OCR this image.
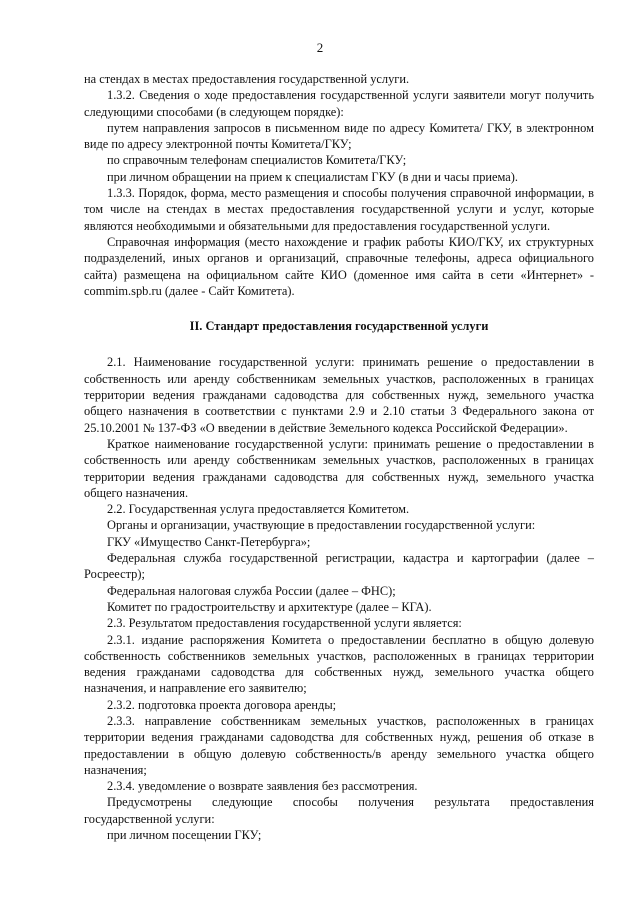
2

на стендах в местах предоставления государственной услуги.

1.3.2. Сведения о ходе предоставления государственной услуги заявители могут получить следующими способами (в следующем порядке):

путем направления запросов в письменном виде по адресу Комитета/ ГКУ, в электронном виде по адресу электронной почты Комитета/ГКУ;

по справочным телефонам специалистов Комитета/ГКУ;

при личном обращении на прием к специалистам ГКУ (в дни и часы приема).

1.3.3. Порядок, форма, место размещения и способы получения справочной информации, в том числе на стендах в местах предоставления государственной услуги и услуг, которые являются необходимыми и обязательными для предоставления государственной услуги.

Справочная информация (место нахождение и график работы КИО/ГКУ, их структурных подразделений, иных органов и организаций, справочные телефоны, адреса официального сайта) размещена на официальном сайте КИО (доменное имя сайта в сети «Интернет» - commim.spb.ru (далее - Сайт Комитета).

II. Стандарт предоставления государственной услуги

2.1. Наименование государственной услуги: принимать решение о предоставлении в собственность или аренду собственникам земельных участков, расположенных в границах территории ведения гражданами садоводства для собственных нужд, земельного участка общего назначения в соответствии с пунктами 2.9 и 2.10 статьи 3 Федерального закона от 25.10.2001 № 137-ФЗ «О введении в действие Земельного кодекса Российской Федерации».

Краткое наименование государственной услуги: принимать решение о предоставлении в собственность или аренду собственникам земельных участков, расположенных в границах территории ведения гражданами садоводства для собственных нужд, земельного участка общего назначения.

2.2. Государственная услуга предоставляется Комитетом.

Органы и организации, участвующие в предоставлении государственной услуги:

ГКУ «Имущество Санкт-Петербурга»;

Федеральная служба государственной регистрации, кадастра и картографии (далее – Росреестр);

Федеральная налоговая служба России (далее – ФНС);

Комитет по градостроительству и архитектуре (далее – КГА).

2.3. Результатом предоставления государственной услуги является:

2.3.1. издание распоряжения Комитета о предоставлении бесплатно в общую долевую собственность собственников земельных участков, расположенных в границах территории ведения гражданами садоводства для собственных нужд, земельного участка общего назначения, и направление его заявителю;

2.3.2. подготовка проекта договора аренды;

2.3.3. направление собственникам земельных участков, расположенных в границах территории ведения гражданами садоводства для собственных нужд, решения об отказе в предоставлении в общую долевую собственность/в аренду земельного участка общего назначения;

2.3.4. уведомление о возврате заявления без рассмотрения.

Предусмотрены следующие способы получения результата предоставления государственной услуги:

при личном посещении ГКУ;
